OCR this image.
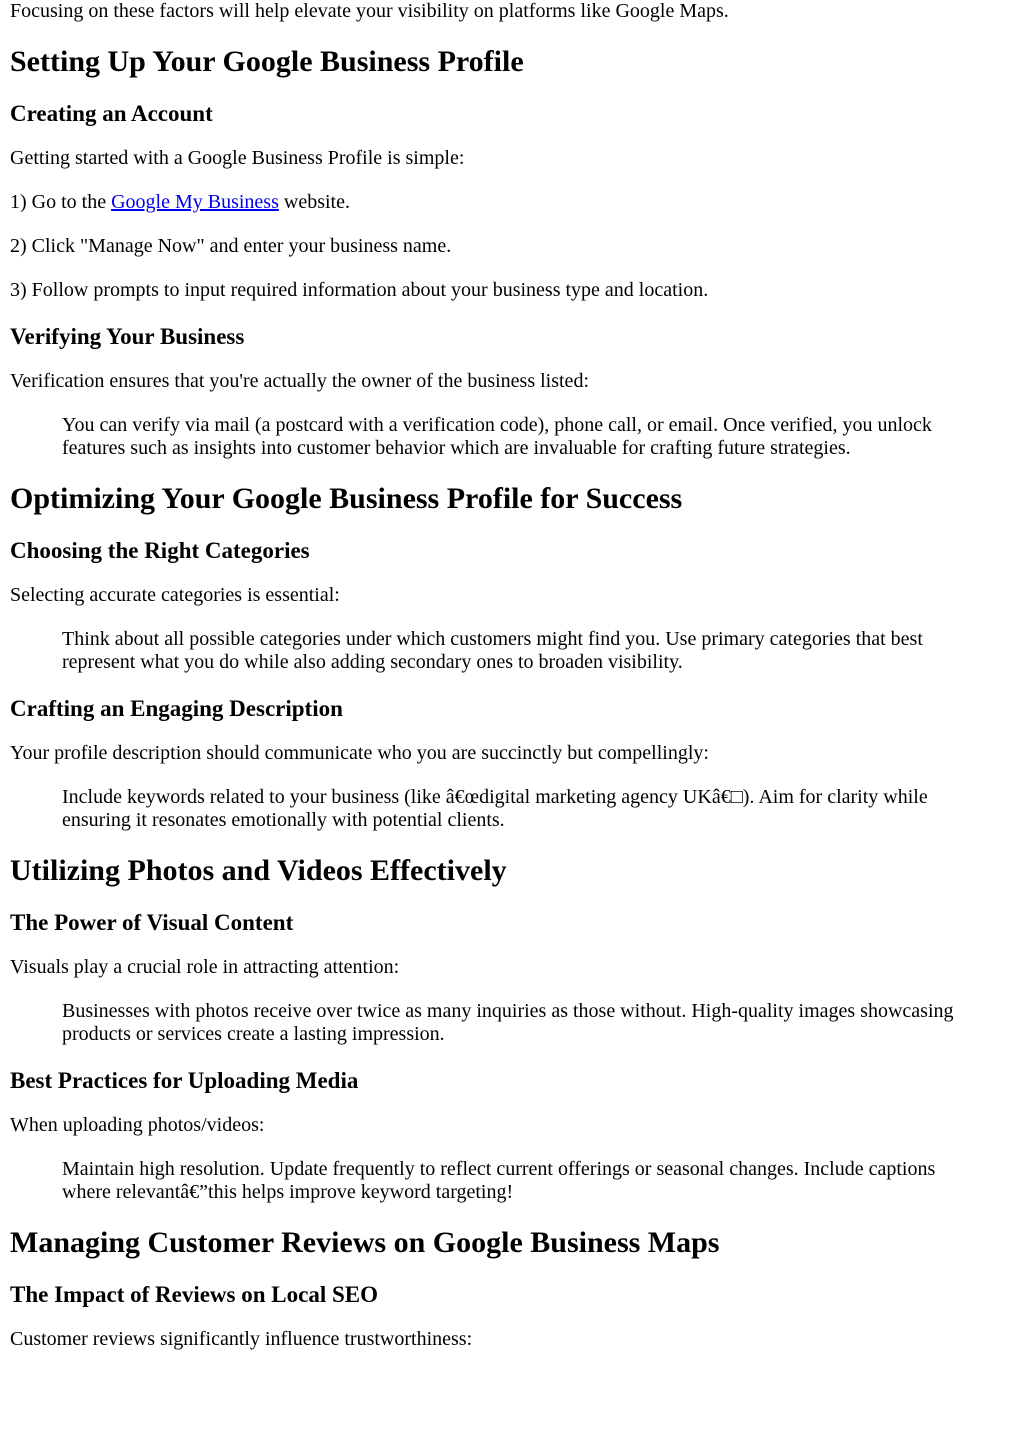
Focusing on these factors will help elevate your visibility on platforms like Google Maps.

Setting Up Your Google Business Profile
Creating an Account

Getting started with a Google Business Profile is simple:

1) Go to the Google My Business website.

2) Click "Manage Now" and enter your business name.

3) Follow prompts to input required information about your business type and location.

Verifying Your Business

Verification ensures that you're actually the owner of the business listed:

You can verify via mail (a postcard with a verification code), phone call, or email. Once verified, you unlock features such as insights into customer behavior which are invaluable for crafting future strategies.
Optimizing Your Google Business Profile for Success
Choosing the Right Categories

Selecting accurate categories is essential:

Think about all possible categories under which customers might find you. Use primary categories that best represent what you do while also adding secondary ones to broaden visibility.
Crafting an Engaging Description

Your profile description should communicate who you are succinctly but compellingly:

Include keywords related to your business (like â€œdigital marketing agency UKâ€□). Aim for clarity while ensuring it resonates emotionally with potential clients.
Utilizing Photos and Videos Effectively
The Power of Visual Content

Visuals play a crucial role in attracting attention:

Businesses with photos receive over twice as many inquiries as those without. High-quality images showcasing products or services create a lasting impression.
Best Practices for Uploading Media

When uploading photos/videos:

Maintain high resolution. Update frequently to reflect current offerings or seasonal changes. Include captions where relevantâ€”this helps improve keyword targeting!
Managing Customer Reviews on Google Business Maps
The Impact of Reviews on Local SEO

Customer reviews significantly influence trustworthiness:
